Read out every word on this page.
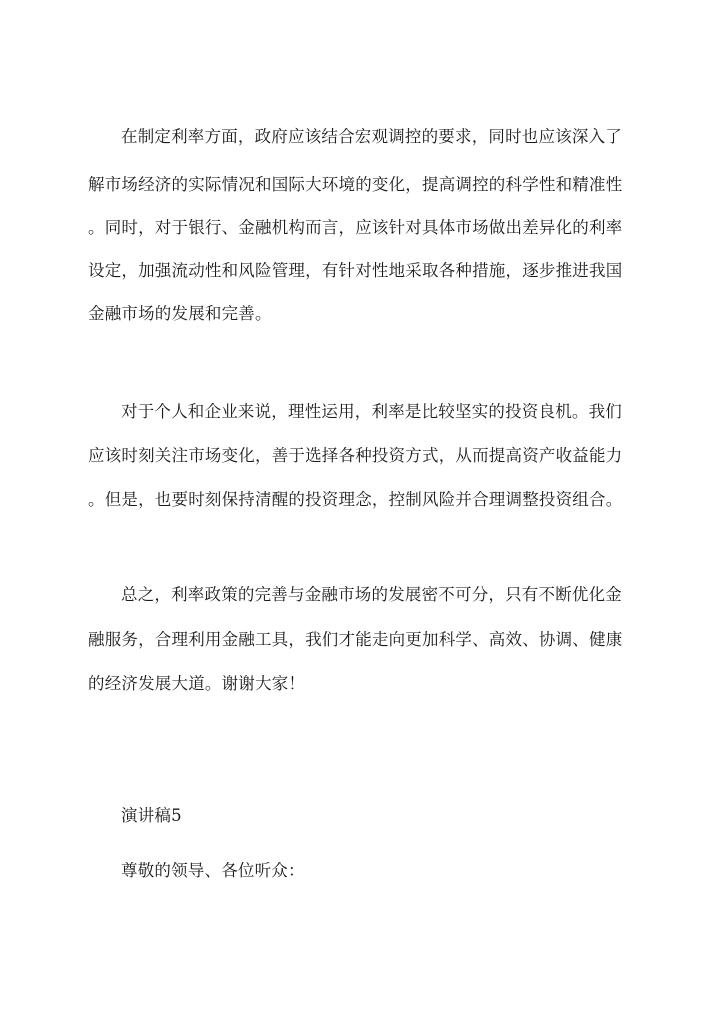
在制定利率方面，政府应该结合宏观调控的要求，同时也应该深入了
解市场经济的实际情况和国际大环境的变化，提高调控的科学性和精准性
。同时，对于银行、金融机构而言，应该针对具体市场做出差异化的利率
设定，加强流动性和风险管理，有针对性地采取各种措施，逐步推进我国
金融市场的发展和完善。
对于个人和企业来说，理性运用，利率是比较坚实的投资良机。我们
应该时刻关注市场变化，善于选择各种投资方式，从而提高资产收益能力
。但是，也要时刻保持清醒的投资理念，控制风险并合理调整投资组合。
总之，利率政策的完善与金融市场的发展密不可分，只有不断优化金
融服务，合理利用金融工具，我们才能走向更加科学、高效、协调、健康
的经济发展大道。谢谢大家！
演讲稿5
尊敬的领导、各位听众：
